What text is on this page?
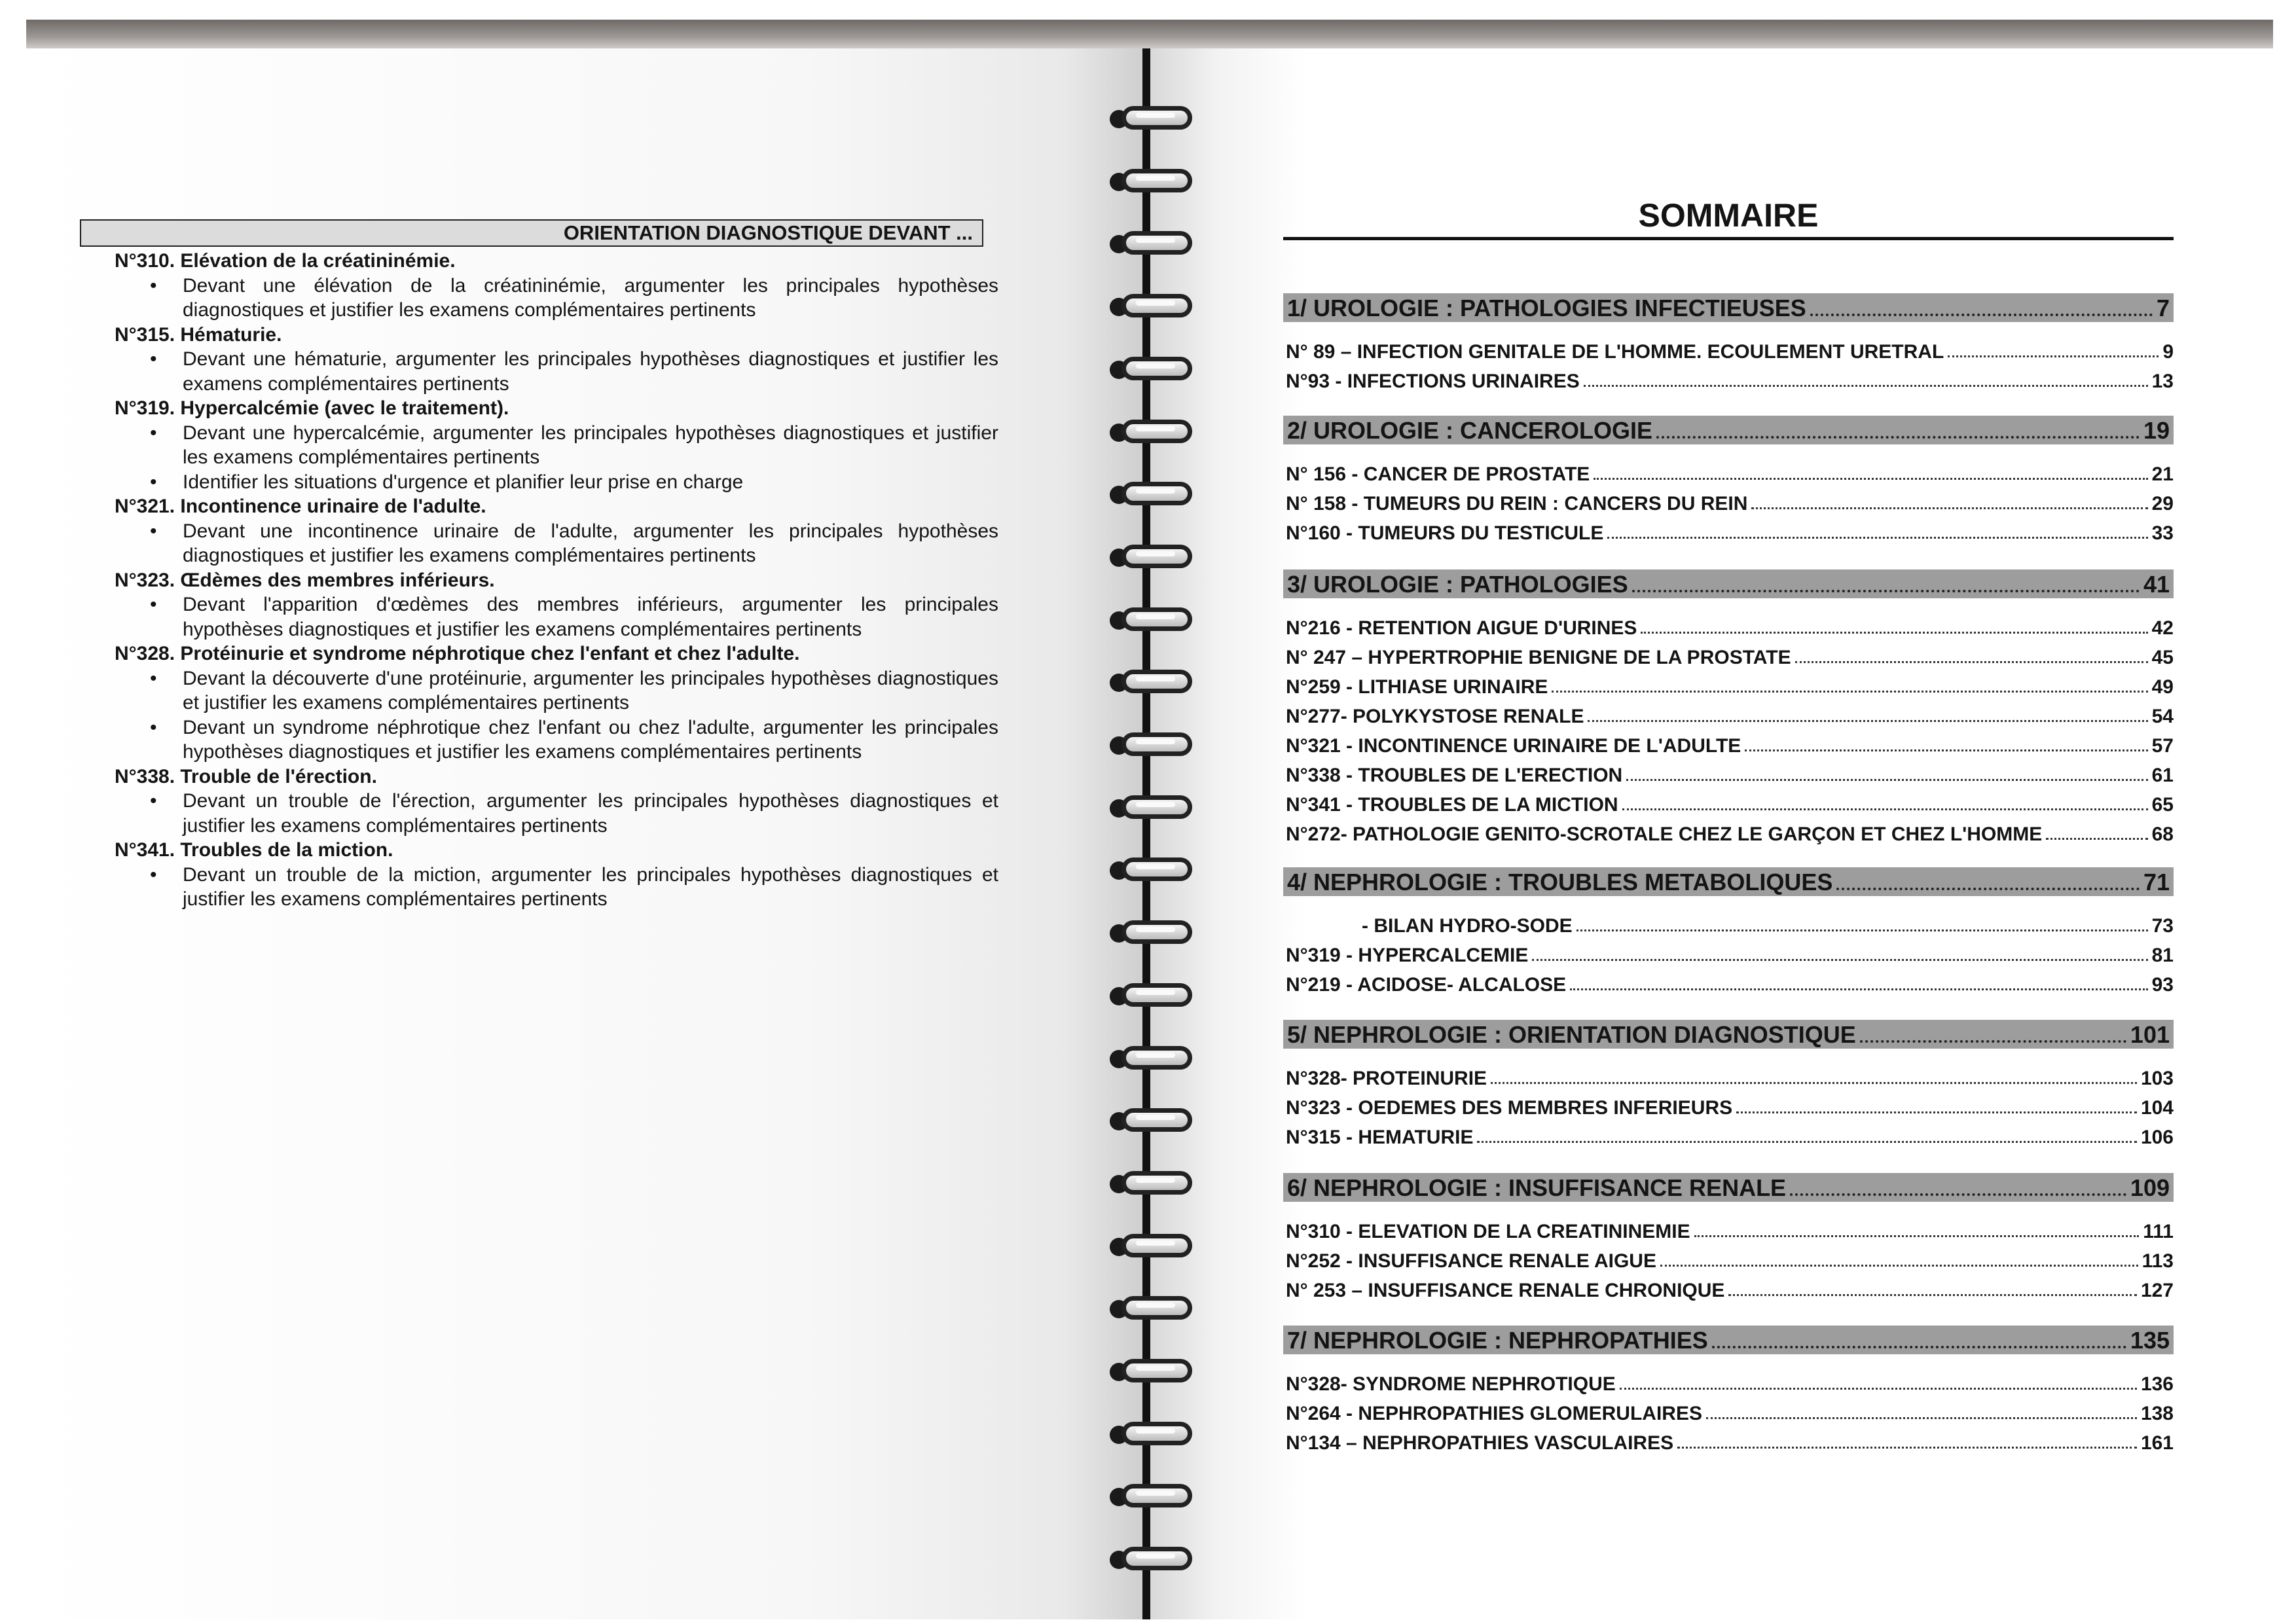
ORIENTATION DIAGNOSTIQUE DEVANT ...
N°310. Elévation de la créatininémie.
• Devant une élévation de la créatininémie, argumenter les principales hypothèses diagnostiques et justifier les examens complémentaires pertinents
N°315. Hématurie.
• Devant une hématurie, argumenter les principales hypothèses diagnostiques et justifier les examens complémentaires pertinents
N°319. Hypercalcémie (avec le traitement).
• Devant une hypercalcémie, argumenter les principales hypothèses diagnostiques et justifier les examens complémentaires pertinents
• Identifier les situations d'urgence et planifier leur prise en charge
N°321. Incontinence urinaire de l'adulte.
• Devant une incontinence urinaire de l'adulte, argumenter les principales hypothèses diagnostiques et justifier les examens complémentaires pertinents
N°323. Œdèmes des membres inférieurs.
• Devant l'apparition d'œdèmes des membres inférieurs, argumenter les principales hypothèses diagnostiques et justifier les examens complémentaires pertinents
N°328. Protéinurie et syndrome néphrotique chez l'enfant et chez l'adulte.
• Devant la découverte d'une protéinurie, argumenter les principales hypothèses diagnostiques et justifier les examens complémentaires pertinents
• Devant un syndrome néphrotique chez l'enfant ou chez l'adulte, argumenter les principales hypothèses diagnostiques et justifier les examens complémentaires pertinents
N°338. Trouble de l'érection.
• Devant un trouble de l'érection, argumenter les principales hypothèses diagnostiques et justifier les examens complémentaires pertinents
N°341. Troubles de la miction.
• Devant un trouble de la miction, argumenter les principales hypothèses diagnostiques et justifier les examens complémentaires pertinents
SOMMAIRE
1/ UROLOGIE : PATHOLOGIES INFECTIEUSES	7
N° 89 – INFECTION GENITALE DE L'HOMME. ECOULEMENT URETRAL	9
N°93 - INFECTIONS URINAIRES	13
2/ UROLOGIE : CANCEROLOGIE	19
N° 156 - CANCER DE PROSTATE	21
N° 158 - TUMEURS DU REIN : CANCERS DU REIN	29
N°160 - TUMEURS DU TESTICULE	33
3/ UROLOGIE : PATHOLOGIES	41
N°216 - RETENTION AIGUE D'URINES	42
N° 247 – HYPERTROPHIE BENIGNE DE LA PROSTATE	45
N°259 - LITHIASE URINAIRE	49
N°277- POLYKYSTOSE RENALE	54
N°321 - INCONTINENCE URINAIRE DE L'ADULTE	57
N°338 - TROUBLES DE L'ERECTION	61
N°341 - TROUBLES DE LA MICTION	65
N°272- PATHOLOGIE GENITO-SCROTALE CHEZ LE GARÇON ET CHEZ L'HOMME	68
4/ NEPHROLOGIE : TROUBLES METABOLIQUES	71
- BILAN HYDRO-SODE	73
N°319 - HYPERCALCEMIE	81
N°219 - ACIDOSE- ALCALOSE	93
5/ NEPHROLOGIE : ORIENTATION DIAGNOSTIQUE	101
N°328- PROTEINURIE	103
N°323 - OEDEMES DES MEMBRES INFERIEURS	104
N°315 - HEMATURIE	106
6/ NEPHROLOGIE : INSUFFISANCE RENALE	109
N°310 - ELEVATION DE LA CREATININEMIE	111
N°252 - INSUFFISANCE RENALE AIGUE	113
N° 253 – INSUFFISANCE RENALE CHRONIQUE	127
7/ NEPHROLOGIE : NEPHROPATHIES	135
N°328- SYNDROME NEPHROTIQUE	136
N°264 - NEPHROPATHIES GLOMERULAIRES	138
N°134 – NEPHROPATHIES VASCULAIRES	161
